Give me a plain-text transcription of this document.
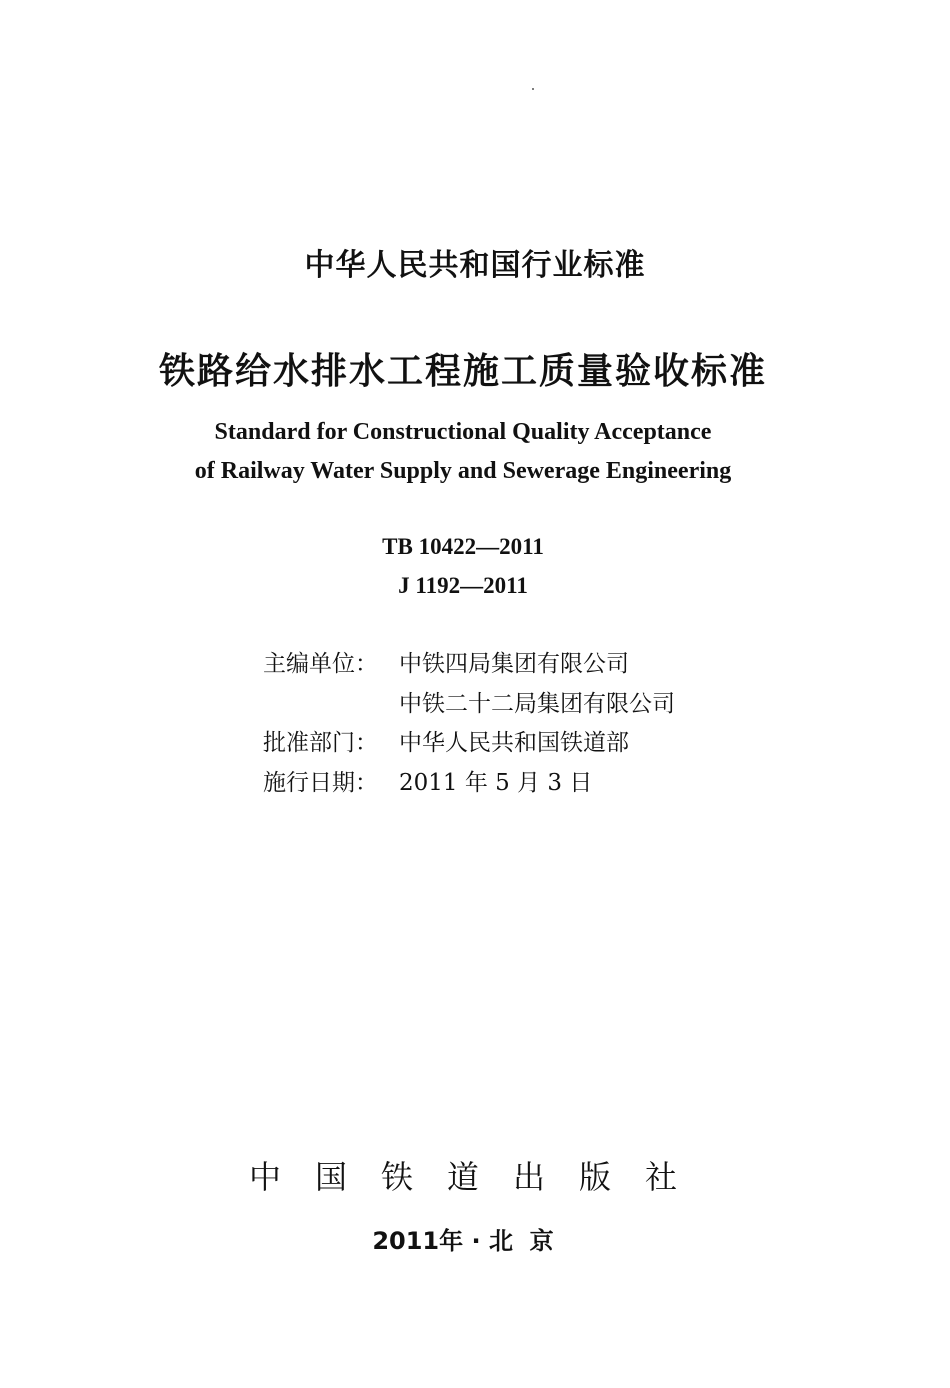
中华人民共和国行业标准
铁路给水排水工程施工质量验收标准
Standard for Constructional Quality Acceptance
of Railway Water Supply and Sewerage Engineering
TB 10422—2011
J 1192—2011
主编单位： 中铁四局集团有限公司
中铁二十二局集团有限公司
批准部门： 中华人民共和国铁道部
施行日期： 2011 年 5 月 3 日
中国铁道出版社
2011年 · 北  京
